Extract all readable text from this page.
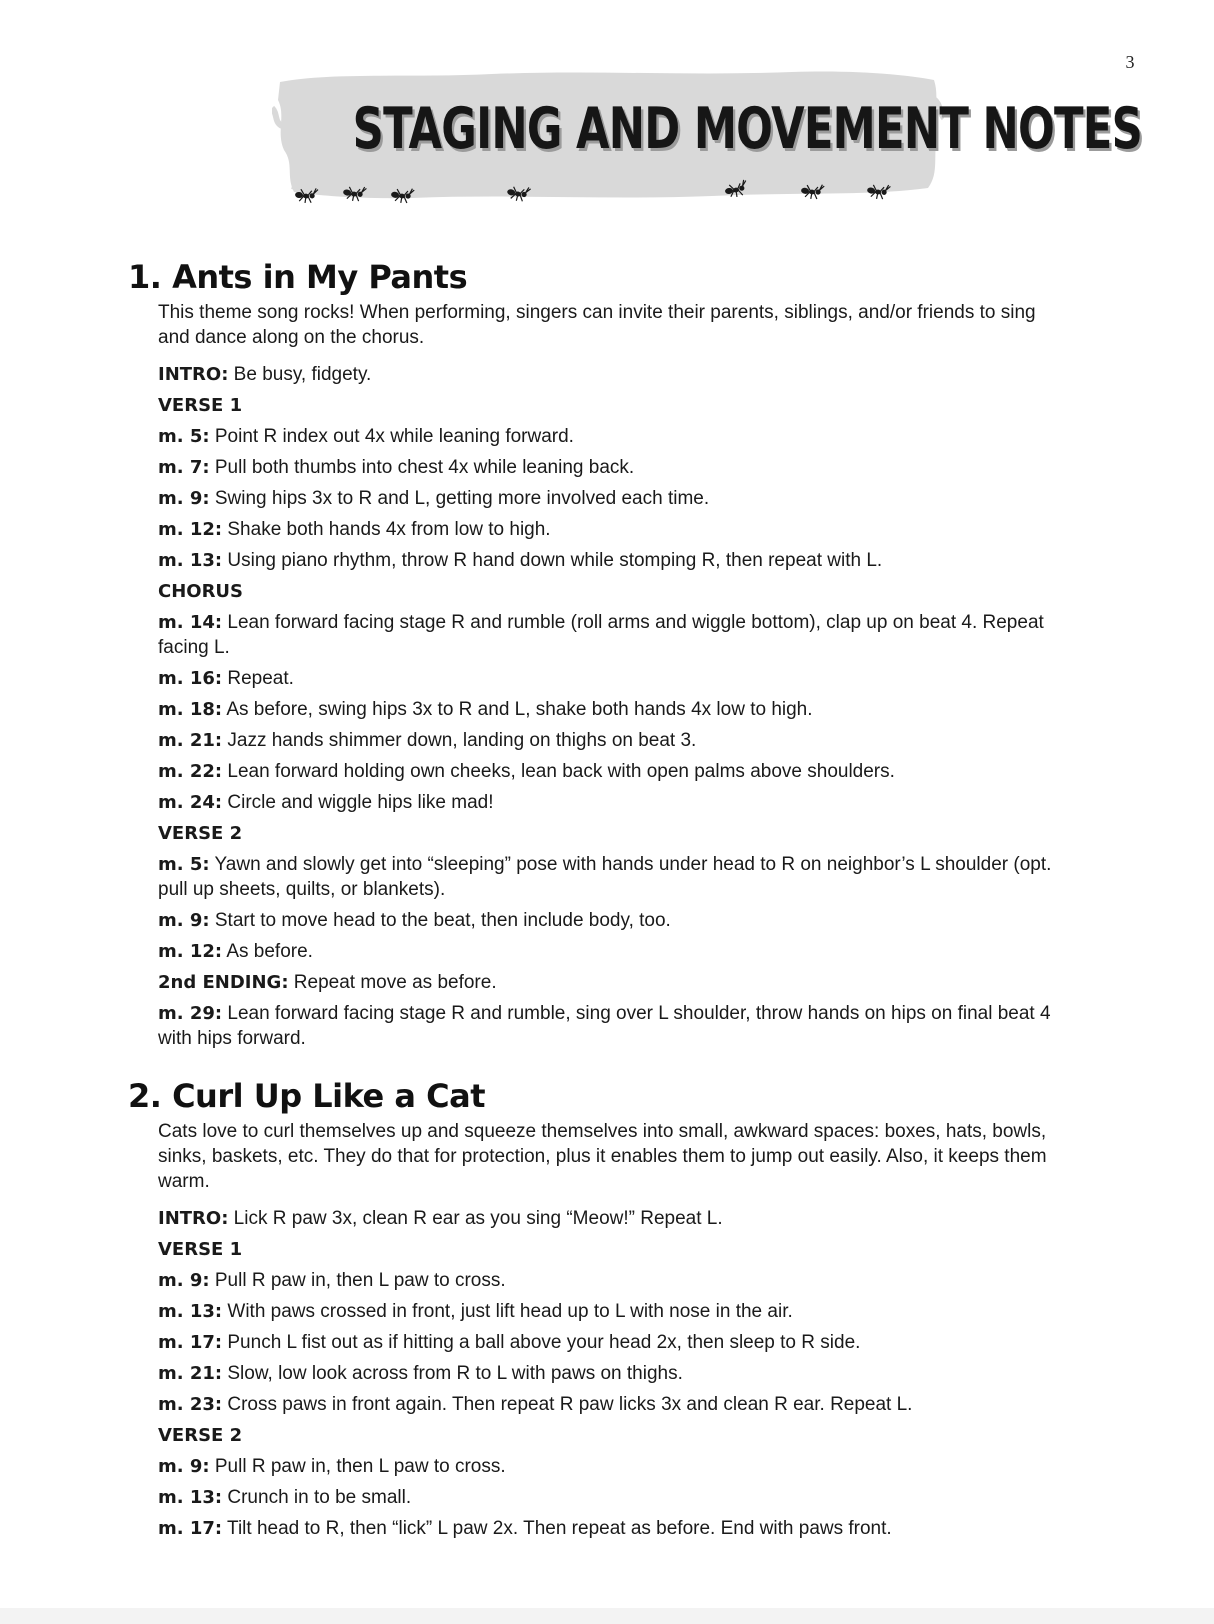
3
STAGING AND MOVEMENT NOTES
1. Ants in My Pants
This theme song rocks! When performing, singers can invite their parents, siblings, and/or friends to sing and dance along on the chorus.
INTRO: Be busy, fidgety.
VERSE 1
m. 5: Point R index out 4x while leaning forward.
m. 7: Pull both thumbs into chest 4x while leaning back.
m. 9: Swing hips 3x to R and L, getting more involved each time.
m. 12: Shake both hands 4x from low to high.
m. 13: Using piano rhythm, throw R hand down while stomping R, then repeat with L.
CHORUS
m. 14: Lean forward facing stage R and rumble (roll arms and wiggle bottom), clap up on beat 4. Repeat facing L.
m. 16: Repeat.
m. 18: As before, swing hips 3x to R and L, shake both hands 4x low to high.
m. 21: Jazz hands shimmer down, landing on thighs on beat 3.
m. 22: Lean forward holding own cheeks, lean back with open palms above shoulders.
m. 24: Circle and wiggle hips like mad!
VERSE 2
m. 5: Yawn and slowly get into “sleeping” pose with hands under head to R on neighbor’s L shoulder (opt. pull up sheets, quilts, or blankets).
m. 9: Start to move head to the beat, then include body, too.
m. 12: As before.
2nd ENDING: Repeat move as before.
m. 29: Lean forward facing stage R and rumble, sing over L shoulder, throw hands on hips on final beat 4 with hips forward.
2. Curl Up Like a Cat
Cats love to curl themselves up and squeeze themselves into small, awkward spaces: boxes, hats, bowls, sinks, baskets, etc. They do that for protection, plus it enables them to jump out easily. Also, it keeps them warm.
INTRO: Lick R paw 3x, clean R ear as you sing “Meow!” Repeat L.
VERSE 1
m. 9: Pull R paw in, then L paw to cross.
m. 13: With paws crossed in front, just lift head up to L with nose in the air.
m. 17: Punch L fist out as if hitting a ball above your head 2x, then sleep to R side.
m. 21: Slow, low look across from R to L with paws on thighs.
m. 23: Cross paws in front again. Then repeat R paw licks 3x and clean R ear. Repeat L.
VERSE 2
m. 9: Pull R paw in, then L paw to cross.
m. 13: Crunch in to be small.
m. 17: Tilt head to R, then “lick” L paw 2x. Then repeat as before. End with paws front.
